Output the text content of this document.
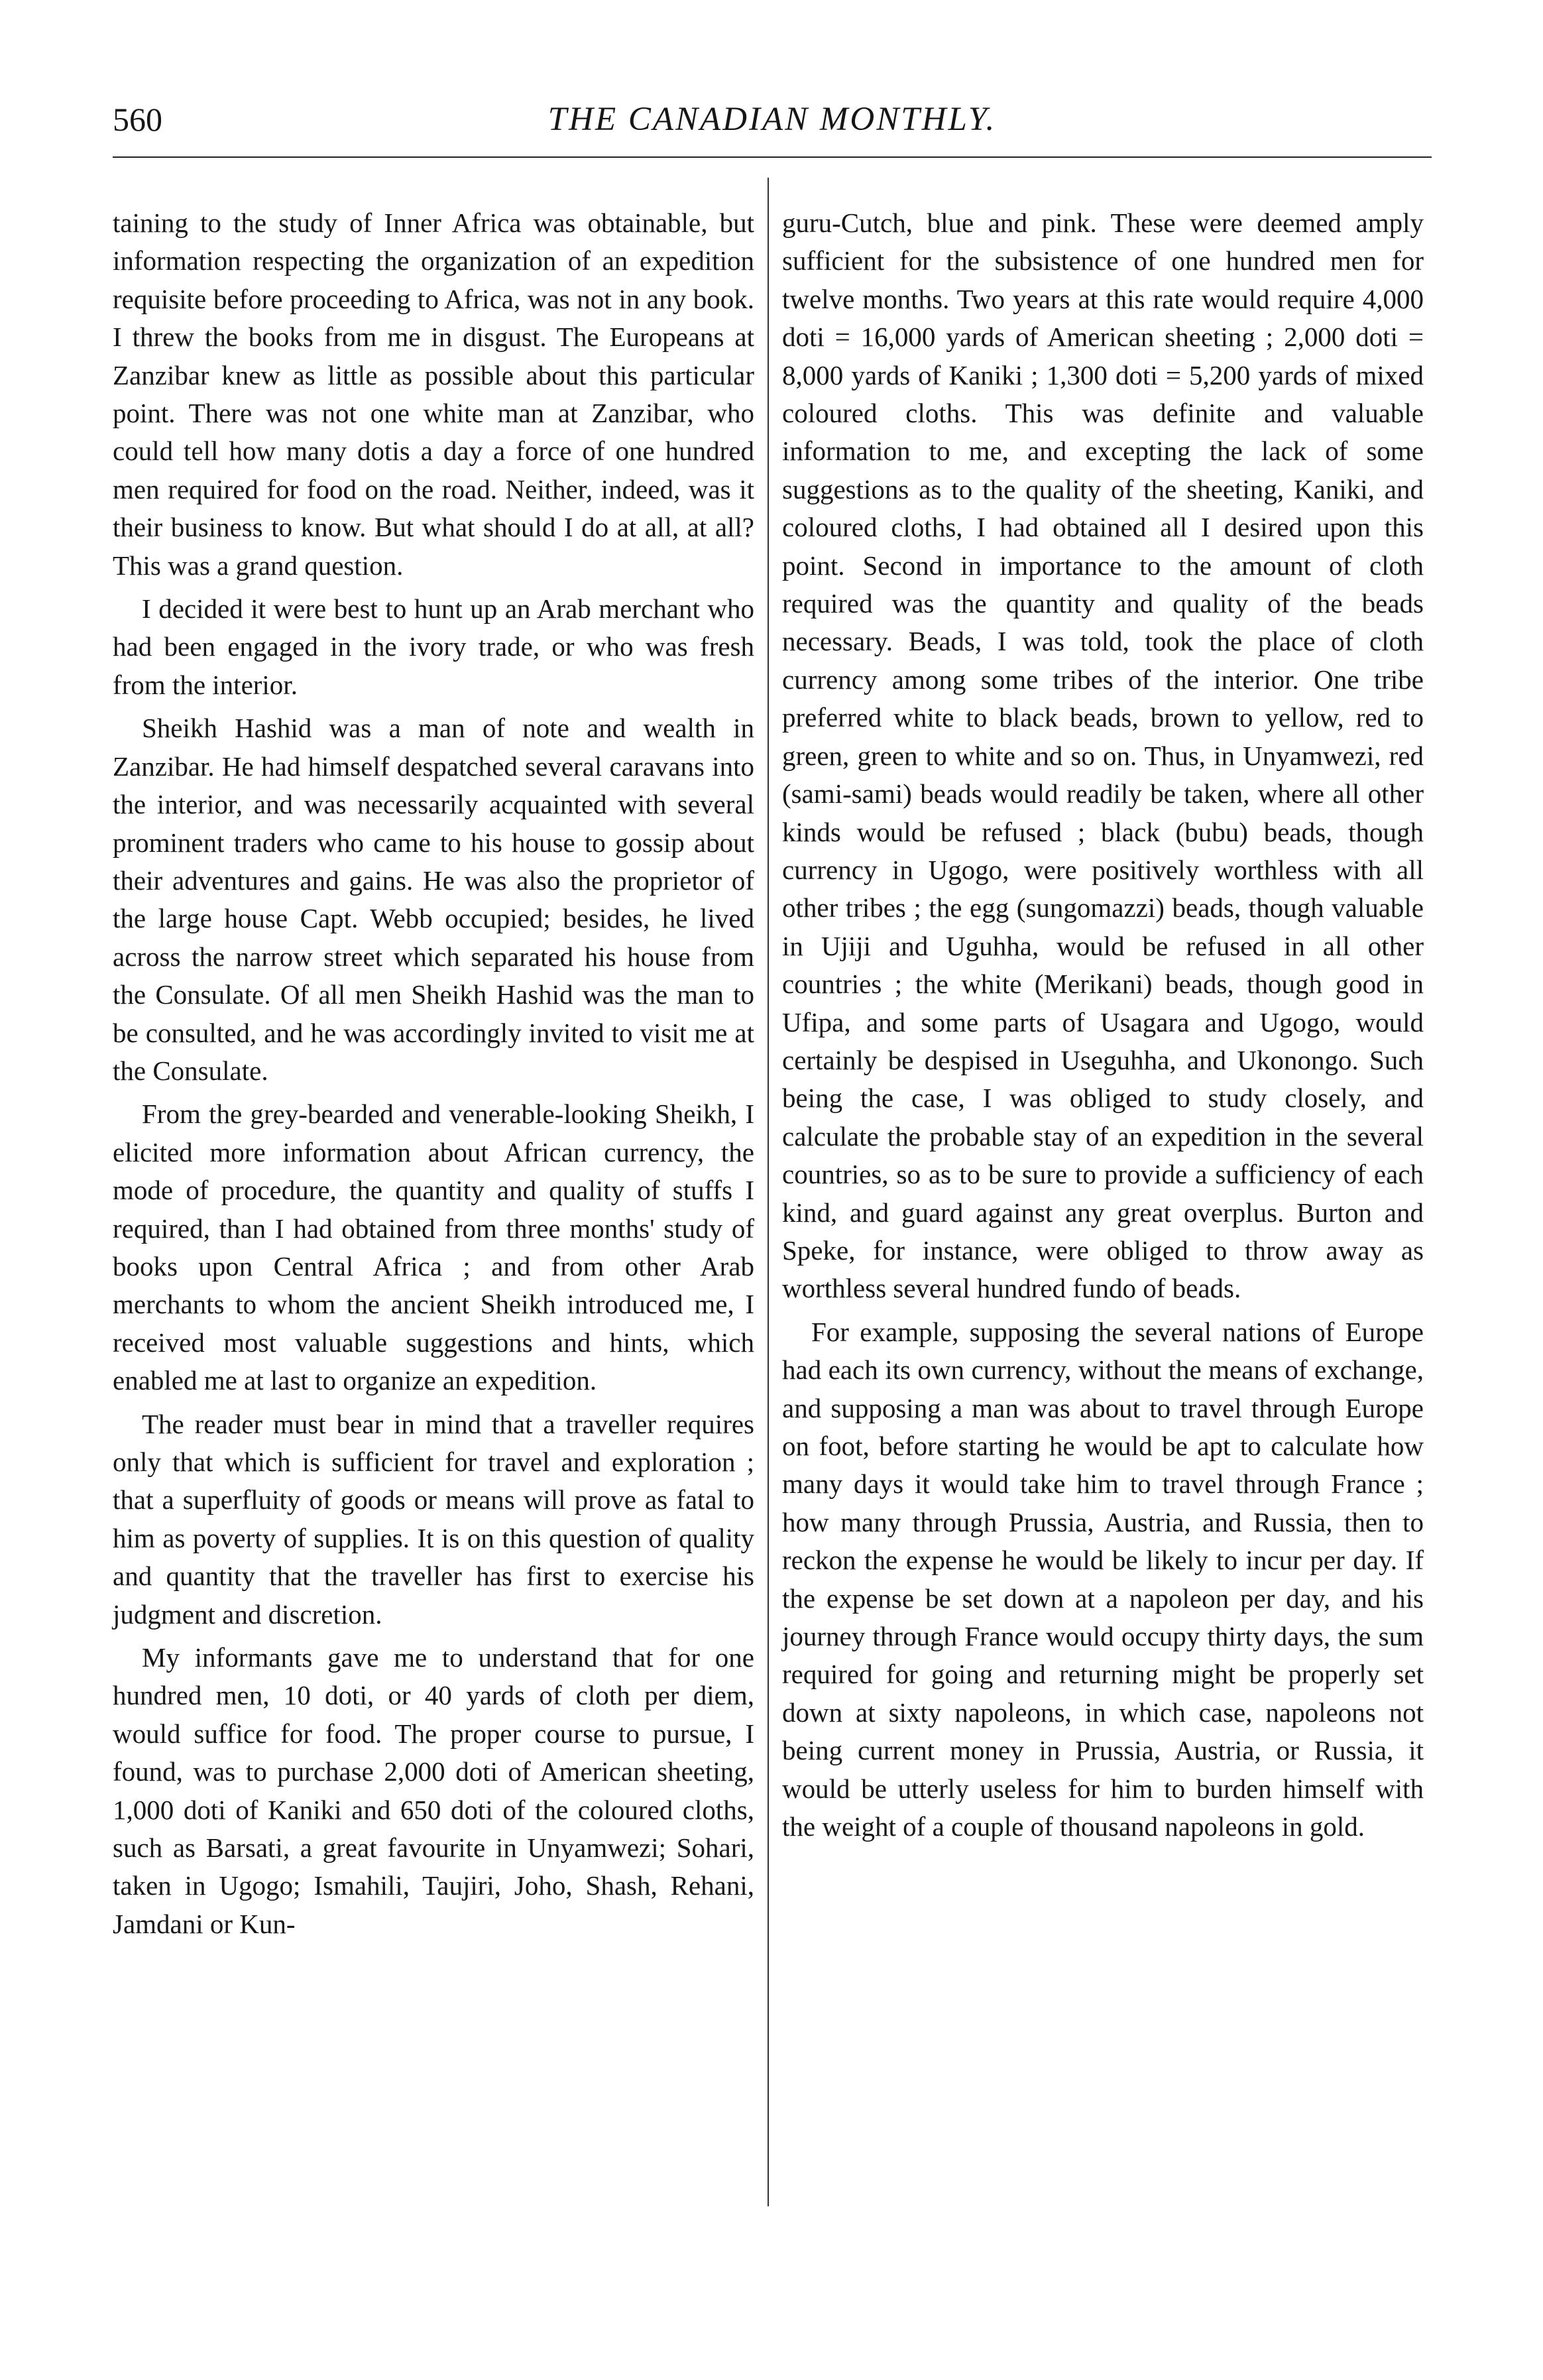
560	THE CANADIAN MONTHLY.

taining to the study of Inner Africa was obtainable, but information respecting the organization of an expedition requisite before proceeding to Africa, was not in any book. I threw the books from me in disgust. The Europeans at Zanzibar knew as little as possible about this particular point. There was not one white man at Zanzibar, who could tell how many dotis a day a force of one hundred men required for food on the road. Neither, indeed, was it their business to know. But what should I do at all, at all? This was a grand question.

I decided it were best to hunt up an Arab merchant who had been engaged in the ivory trade, or who was fresh from the interior.

Sheikh Hashid was a man of note and wealth in Zanzibar. He had himself despatched several caravans into the interior, and was necessarily acquainted with several prominent traders who came to his house to gossip about their adventures and gains. He was also the proprietor of the large house Capt. Webb occupied; besides, he lived across the narrow street which separated his house from the Consulate. Of all men Sheikh Hashid was the man to be consulted, and he was accordingly invited to visit me at the Consulate.

From the grey-bearded and venerable-looking Sheikh, I elicited more information about African currency, the mode of procedure, the quantity and quality of stuffs I required, than I had obtained from three months' study of books upon Central Africa ; and from other Arab merchants to whom the ancient Sheikh introduced me, I received most valuable suggestions and hints, which enabled me at last to organize an expedition.

The reader must bear in mind that a traveller requires only that which is sufficient for travel and exploration ; that a superfluity of goods or means will prove as fatal to him as poverty of supplies. It is on this question of quality and quantity that the traveller has first to exercise his judgment and discretion.

My informants gave me to understand that for one hundred men, 10 doti, or 40 yards of cloth per diem, would suffice for food. The proper course to pursue, I found, was to purchase 2,000 doti of American sheeting, 1,000 doti of Kaniki and 650 doti of the coloured cloths, such as Barsati, a great favourite in Unyamwezi; Sohari, taken in Ugogo; Ismahili, Taujiri, Joho, Shash, Rehani, Jamdani or Kun-

guru-Cutch, blue and pink. These were deemed amply sufficient for the subsistence of one hundred men for twelve months. Two years at this rate would require 4,000 doti = 16,000 yards of American sheeting ; 2,000 doti = 8,000 yards of Kaniki ; 1,300 doti = 5,200 yards of mixed coloured cloths. This was definite and valuable information to me, and excepting the lack of some suggestions as to the quality of the sheeting, Kaniki, and coloured cloths, I had obtained all I desired upon this point. Second in importance to the amount of cloth required was the quantity and quality of the beads necessary. Beads, I was told, took the place of cloth currency among some tribes of the interior. One tribe preferred white to black beads, brown to yellow, red to green, green to white and so on. Thus, in Unyamwezi, red (sami-sami) beads would readily be taken, where all other kinds would be refused ; black (bubu) beads, though currency in Ugogo, were positively worthless with all other tribes ; the egg (sungomazzi) beads, though valuable in Ujiji and Uguhha, would be refused in all other countries ; the white (Merikani) beads, though good in Ufipa, and some parts of Usagara and Ugogo, would certainly be despised in Useguhha, and Ukonongo. Such being the case, I was obliged to study closely, and calculate the probable stay of an expedition in the several countries, so as to be sure to provide a sufficiency of each kind, and guard against any great overplus. Burton and Speke, for instance, were obliged to throw away as worthless several hundred fundo of beads.

For example, supposing the several nations of Europe had each its own currency, without the means of exchange, and supposing a man was about to travel through Europe on foot, before starting he would be apt to calculate how many days it would take him to travel through France ; how many through Prussia, Austria, and Russia, then to reckon the expense he would be likely to incur per day. If the expense be set down at a napoleon per day, and his journey through France would occupy thirty days, the sum required for going and returning might be properly set down at sixty napoleons, in which case, napoleons not being current money in Prussia, Austria, or Russia, it would be utterly useless for him to burden himself with the weight of a couple of thousand napoleons in gold.
